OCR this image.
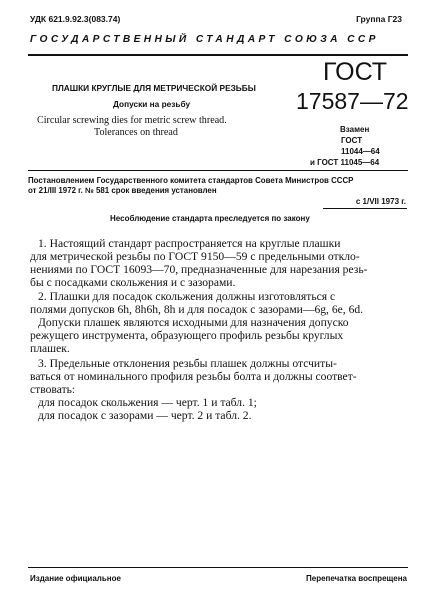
УДК 621.9.92.3(083.74)	Группа Г23
ГОСУДАРСТВЕННЫЙ СТАНДАРТ СОЮЗА ССР
ПЛАШКИ КРУГЛЫЕ ДЛЯ МЕТРИЧЕСКОЙ РЕЗЬБЫ
Допуски на резьбу
Circular screwing dies for metric screw thread.
Tolerances on thread
ГОСТ
17587—72
Взамен
ГОСТ
11044—64
и ГОСТ 11045—64
Постановлением Государственного комитета стандартов Совета Министров СССР
от 21/III 1972 г. № 581 срок введения установлен
с 1/VII 1973 г.
Несоблюдение стандарта преследуется по закону
1. Настоящий стандарт распространяется на круглые плашки
для метрической резьбы по ГОСТ 9150—59 с предельными откло-
нениями по ГОСТ 16093—70, предназначенные для нарезания резь-
бы с посадками скольжения и с зазорами.
2. Плашки для посадок скольжения должны изготовляться с
полями допусков 6h, 8h6h, 8h и для посадок с зазорами—6g, 6e, 6d.
Допуски плашек являются исходными для назначения допуско
режущего инструмента, образующего профиль резьбы круглых
плашек.
3. Предельные отклонения резьбы плашек должны отсчиты-
ваться от номинального профиля резьбы болта и должны соответ-
ствовать:
для посадок скольжения — черт. 1 и табл. 1;
для посадок с зазорами — черт. 2 и табл. 2.
Издание официальное	Перепечатка воспрещена
